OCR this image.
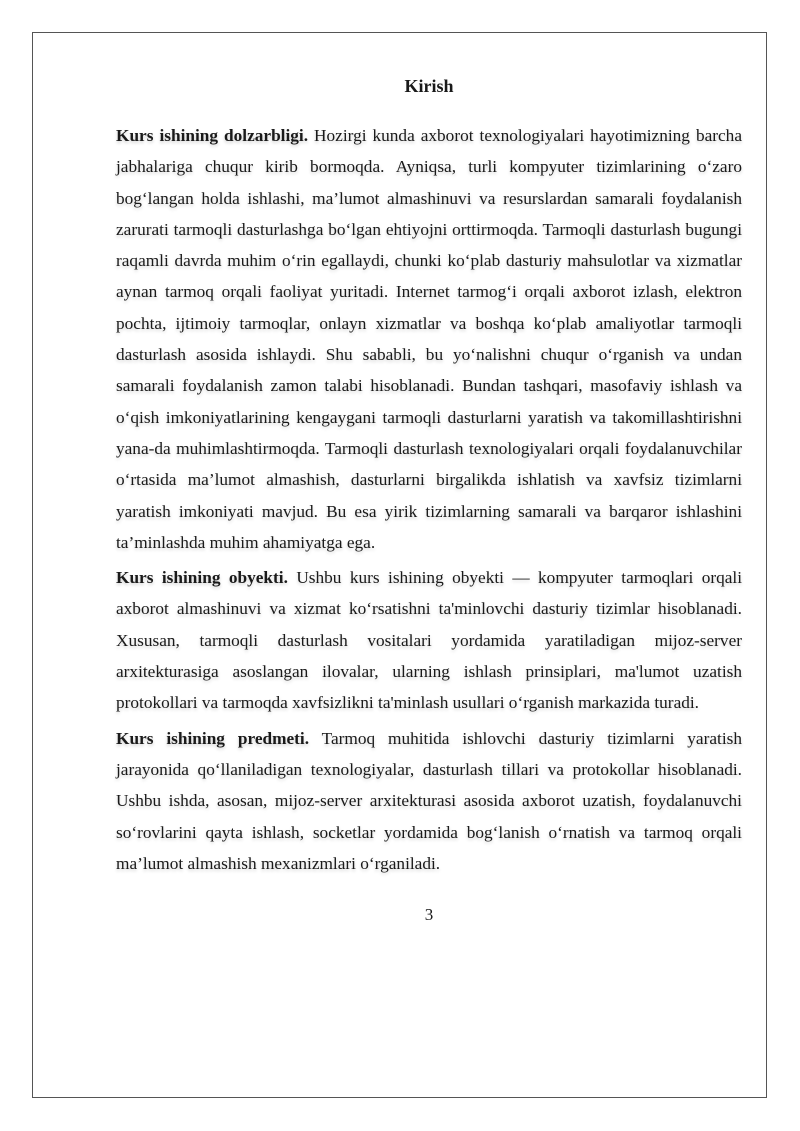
Kirish

Kurs ishining dolzarbligi. Hozirgi kunda axborot texnologiyalari hayotimizning barcha jabhalariga chuqur kirib bormoqda. Ayniqsa, turli kompyuter tizimlarining o‘zaro bog‘langan holda ishlashi, ma’lumot almashinuvi va resurslardan samarali foydalanish zarurati tarmoqli dasturlashga bo‘lgan ehtiyojni orttirmoqda. Tarmoqli dasturlash bugungi raqamli davrda muhim o‘rin egallaydi, chunki ko‘plab dasturiy mahsulotlar va xizmatlar aynan tarmoq orqali faoliyat yuritadi. Internet tarmog‘i orqali axborot izlash, elektron pochta, ijtimoiy tarmoqlar, onlayn xizmatlar va boshqa ko‘plab amaliyotlar tarmoqli dasturlash asosida ishlaydi. Shu sababli, bu yo‘nalishni chuqur o‘rganish va undan samarali foydalanish zamon talabi hisoblanadi. Bundan tashqari, masofaviy ishlash va o‘qish imkoniyatlarining kengaygani tarmoqli dasturlarni yaratish va takomillashtirishni yana-da muhimlashtirmoqda. Tarmoqli dasturlash texnologiyalari orqali foydalanuvchilar o‘rtasida ma’lumot almashish, dasturlarni birgalikda ishlatish va xavfsiz tizimlarni yaratish imkoniyati mavjud. Bu esa yirik tizimlarning samarali va barqaror ishlashini ta’minlashda muhim ahamiyatga ega.

Kurs ishining obyekti. Ushbu kurs ishining obyekti — kompyuter tarmoqlari orqali axborot almashinuvi va xizmat ko‘rsatishni ta'minlovchi dasturiy tizimlar hisoblanadi. Xususan, tarmoqli dasturlash vositalari yordamida yaratiladigan mijoz-server arxitekturasiga asoslangan ilovalar, ularning ishlash prinsiplari, ma'lumot uzatish protokollari va tarmoqda xavfsizlikni ta'minlash usullari o‘rganish markazida turadi.

Kurs ishining predmeti. Tarmoq muhitida ishlovchi dasturiy tizimlarni yaratish jarayonida qo‘llaniladigan texnologiyalar, dasturlash tillari va protokollar hisoblanadi. Ushbu ishda, asosan, mijoz-server arxitekturasi asosida axborot uzatish, foydalanuvchi so‘rovlarini qayta ishlash, socketlar yordamida bog‘lanish o‘rnatish va tarmoq orqali ma’lumot almashish mexanizmlari o‘rganiladi.

3
